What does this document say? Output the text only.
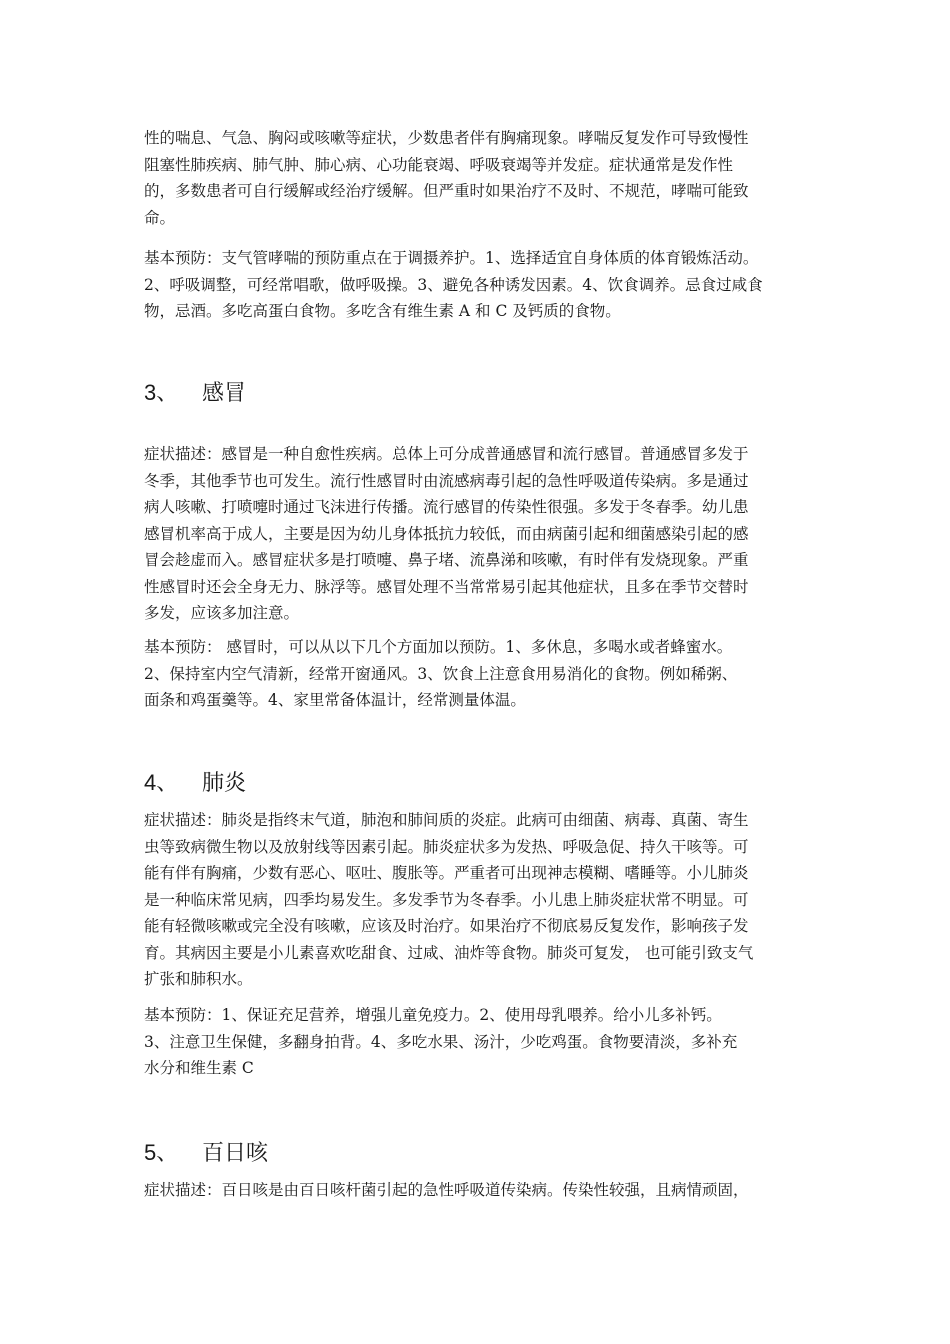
性的喘息、气急、胸闷或咳嗽等症状，少数患者伴有胸痛现象。哮喘反复发作可导致慢性
阻塞性肺疾病、肺气肿、肺心病、心功能衰竭、呼吸衰竭等并发症。症状通常是发作性
的，多数患者可自行缓解或经治疗缓解。但严重时如果治疗不及时、不规范，哮喘可能致
命。

基本预防：支气管哮喘的预防重点在于调摄养护。1、选择适宜自身体质的体育锻炼活动。
2、呼吸调整，可经常唱歌，做呼吸操。3、避免各种诱发因素。4、饮食调养。忌食过咸食
物，忌酒。多吃高蛋白食物。多吃含有维生素 A 和 C 及钙质的食物。

3、 感冒

症状描述：感冒是一种自愈性疾病。总体上可分成普通感冒和流行感冒。普通感冒多发于
冬季，其他季节也可发生。流行性感冒时由流感病毒引起的急性呼吸道传染病。多是通过
病人咳嗽、打喷嚏时通过飞沫进行传播。流行感冒的传染性很强。多发于冬春季。幼儿患
感冒机率高于成人，主要是因为幼儿身体抵抗力较低，而由病菌引起和细菌感染引起的感
冒会趁虚而入。感冒症状多是打喷嚏、鼻子堵、流鼻涕和咳嗽，有时伴有发烧现象。严重
性感冒时还会全身无力、脉浮等。感冒处理不当常常易引起其他症状，且多在季节交替时
多发，应该多加注意。

基本预防： 感冒时，可以从以下几个方面加以预防。1、多休息，多喝水或者蜂蜜水。
2、保持室内空气清新，经常开窗通风。3、饮食上注意食用易消化的食物。例如稀粥、
面条和鸡蛋羹等。4、家里常备体温计，经常测量体温。

4、 肺炎

症状描述：肺炎是指终末气道，肺泡和肺间质的炎症。此病可由细菌、病毒、真菌、寄生
虫等致病微生物以及放射线等因素引起。肺炎症状多为发热、呼吸急促、持久干咳等。可
能有伴有胸痛，少数有恶心、呕吐、腹胀等。严重者可出现神志模糊、嗜睡等。小儿肺炎
是一种临床常见病，四季均易发生。多发季节为冬春季。小儿患上肺炎症状常不明显。可
能有轻微咳嗽或完全没有咳嗽，应该及时治疗。如果治疗不彻底易反复发作，影响孩子发
育。其病因主要是小儿素喜欢吃甜食、过咸、油炸等食物。肺炎可复发， 也可能引致支气
扩张和肺积水。

基本预防：1、保证充足营养，增强儿童免疫力。2、使用母乳喂养。给小儿多补钙。
3、注意卫生保健，多翻身拍背。4、多吃水果、汤汁，少吃鸡蛋。食物要清淡，多补充
水分和维生素 C

5、 百日咳

症状描述：百日咳是由百日咳杆菌引起的急性呼吸道传染病。传染性较强，且病情顽固，
